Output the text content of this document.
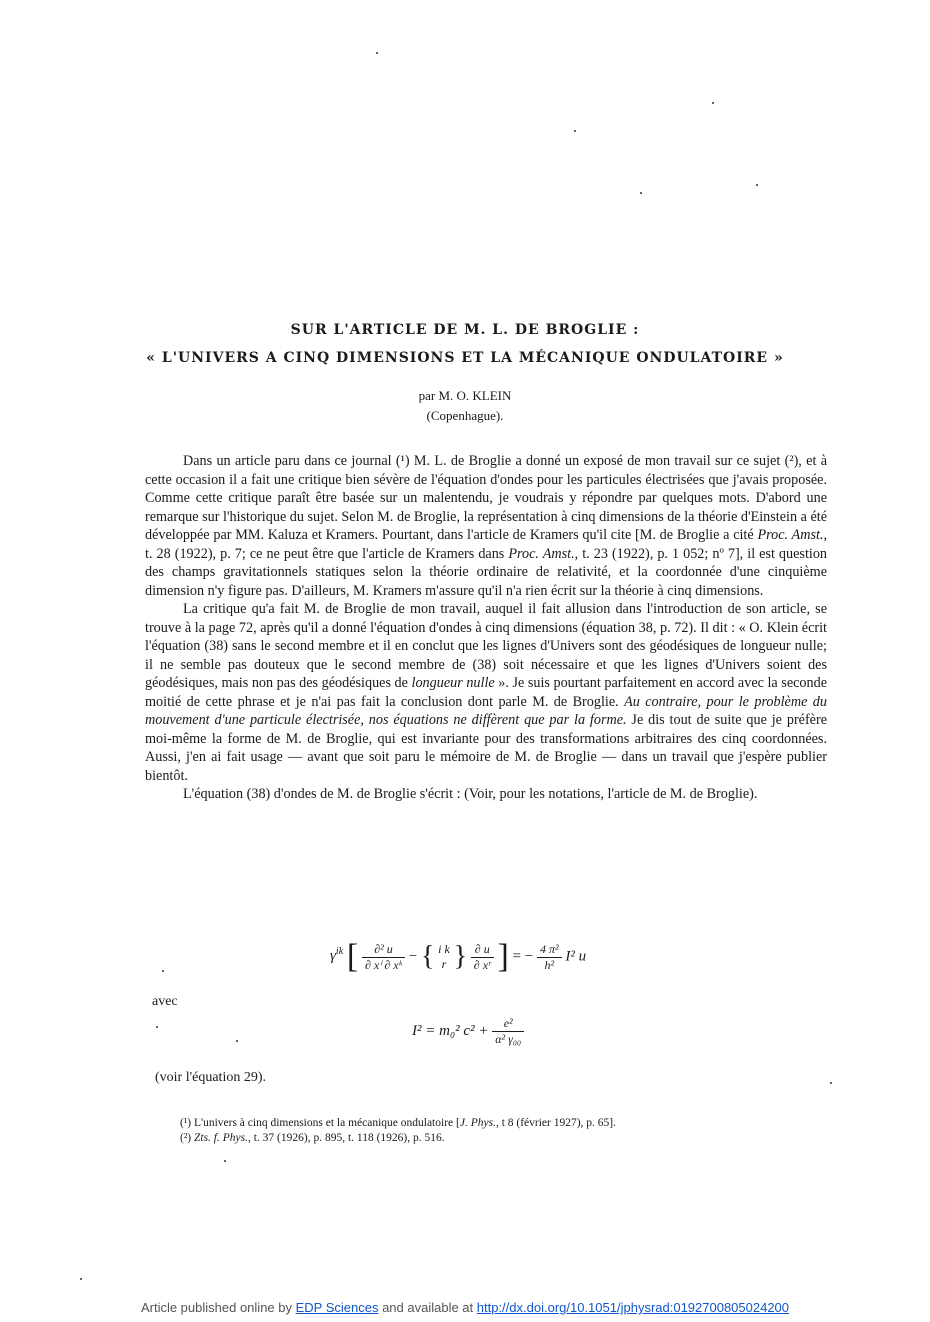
SUR L'ARTICLE DE M. L. DE BROGLIE :
« L'UNIVERS A CINQ DIMENSIONS ET LA MÉCANIQUE ONDULATOIRE »
par M. O. KLEIN
(Copenhague).

Dans un article paru dans ce journal (¹) M. L. de Broglie a donné un exposé de mon travail sur ce sujet (²), et à cette occasion il a fait une critique bien sévère de l'équation d'ondes pour les particules électrisées que j'avais proposée. Comme cette critique paraît être basée sur un malentendu, je voudrais y répondre par quelques mots. D'abord une remarque sur l'historique du sujet. Selon M. de Broglie, la représentation à cinq dimensions de la théorie d'Einstein a été développée par MM. Kaluza et Kramers. Pourtant, dans l'article de Kramers qu'il cite [M. de Broglie a cité Proc. Amst., t. 28 (1922), p. 7; ce ne peut être que l'article de Kramers dans Proc. Amst., t. 23 (1922), p. 1 052; nº 7], il est question des champs gravitationnels statiques selon la théorie ordinaire de relativité, et la coordonnée d'une cinquième dimension n'y figure pas. D'ailleurs, M. Kramers m'assure qu'il n'a rien écrit sur la théorie à cinq dimensions.

La critique qu'a fait M. de Broglie de mon travail, auquel il fait allusion dans l'introduction de son article, se trouve à la page 72, après qu'il a donné l'équation d'ondes à cinq dimensions (équation 38, p. 72). Il dit : « O. Klein écrit l'équation (38) sans le second membre et il en conclut que les lignes d'Univers sont des géodésiques de longueur nulle; il ne semble pas douteux que le second membre de (38) soit nécessaire et que les lignes d'Univers soient des géodésiques, mais non pas des géodésiques de longueur nulle ». Je suis pourtant parfaitement en accord avec la seconde moitié de cette phrase et je n'ai pas fait la conclusion dont parle M. de Broglie. Au contraire, pour le problème du mouvement d'une particule électrisée, nos équations ne diffèrent que par la forme. Je dis tout de suite que je préfère moi-même la forme de M. de Broglie, qui est invariante pour des transformations arbitraires des cinq coordonnées. Aussi, j'en ai fait usage — avant que soit paru le mémoire de M. de Broglie — dans un travail que j'espère publier bientôt.

L'équation (38) d'ondes de M. de Broglie s'écrit : (Voir, pour les notations, l'article de M. de Broglie).

$\gamma^{ik}$ [ $\frac{\text{∂² u}}{\text{∂ xⁱ ∂ xᵏ}}$ − { i k
r } $\frac{\partial u}{\text{∂ xʳ}}$ ] = − $\frac{\text{4 π²}}{\text{h²}} I^2$ u
avec
I² = m₀² $c^2 + \frac{\text{e²}}{\text{α² γ₀₀}}$
(voir l'équation 29).
(¹) L'univers à cinq dimensions et la mécanique ondulatoire [J. Phys., t 8 (février 1927), p. 65].
(²) Zts. f. Phys., t. 37 (1926), p. 895, t. 118 (1926), p. 516.
Article published online by EDP Sciences and available at http://dx.doi.org/10.1051/jphysrad:0192700805024200
